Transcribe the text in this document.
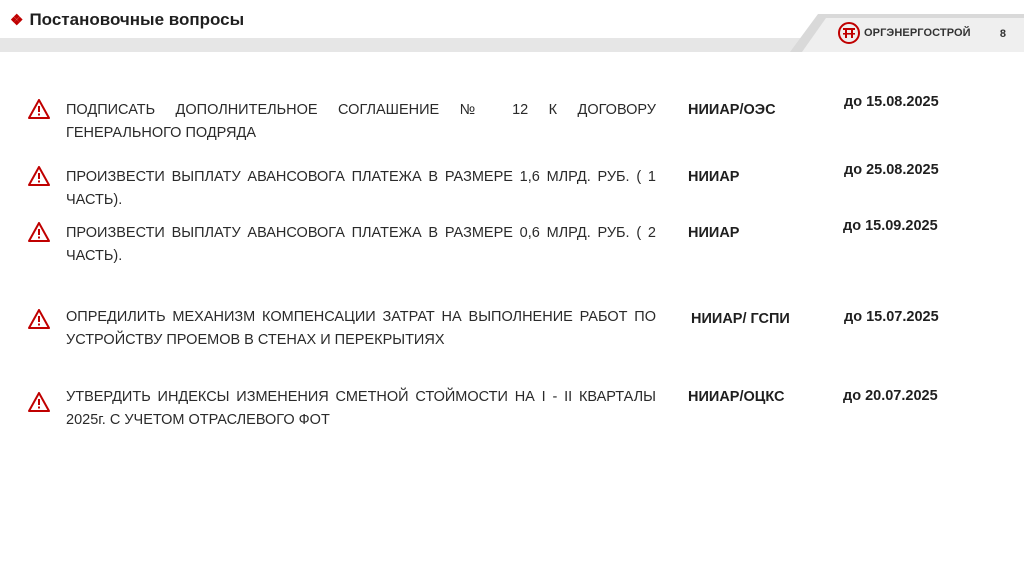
❖ Постановочные вопросы
ОРГЭНЕРГОСТРОЙ	8
ПОДПИСАТЬ ДОПОЛНИТЕЛЬНОЕ СОГЛАШЕНИЕ № 12 К ДОГОВОРУ ГЕНЕРАЛЬНОГО ПОДРЯДА
НИИАР/ОЭС	до 15.08.2025
ПРОИЗВЕСТИ ВЫПЛАТУ АВАНСОВОГА ПЛАТЕЖА В РАЗМЕРЕ 1,6 МЛРД. РУБ. ( 1 ЧАСТЬ).
НИИАР	до 25.08.2025
ПРОИЗВЕСТИ ВЫПЛАТУ АВАНСОВОГА ПЛАТЕЖА В РАЗМЕРЕ 0,6 МЛРД. РУБ. ( 2 ЧАСТЬ).
НИИАР	до 15.09.2025
ОПРЕДИЛИТЬ МЕХАНИЗМ КОМПЕНСАЦИИ ЗАТРАТ НА ВЫПОЛНЕНИЕ РАБОТ ПО УСТРОЙСТВУ ПРОЕМОВ В СТЕНАХ И ПЕРЕКРЫТИЯХ
НИИАР/ ГСПИ	до 15.07.2025
УТВЕРДИТЬ ИНДЕКСЫ ИЗМЕНЕНИЯ СМЕТНОЙ СТОЙМОСТИ НА I - II КВАРТАЛЫ 2025г. С УЧЕТОМ ОТРАСЛЕВОГО ФОТ
НИИАР/ОЦКС	до 20.07.2025
